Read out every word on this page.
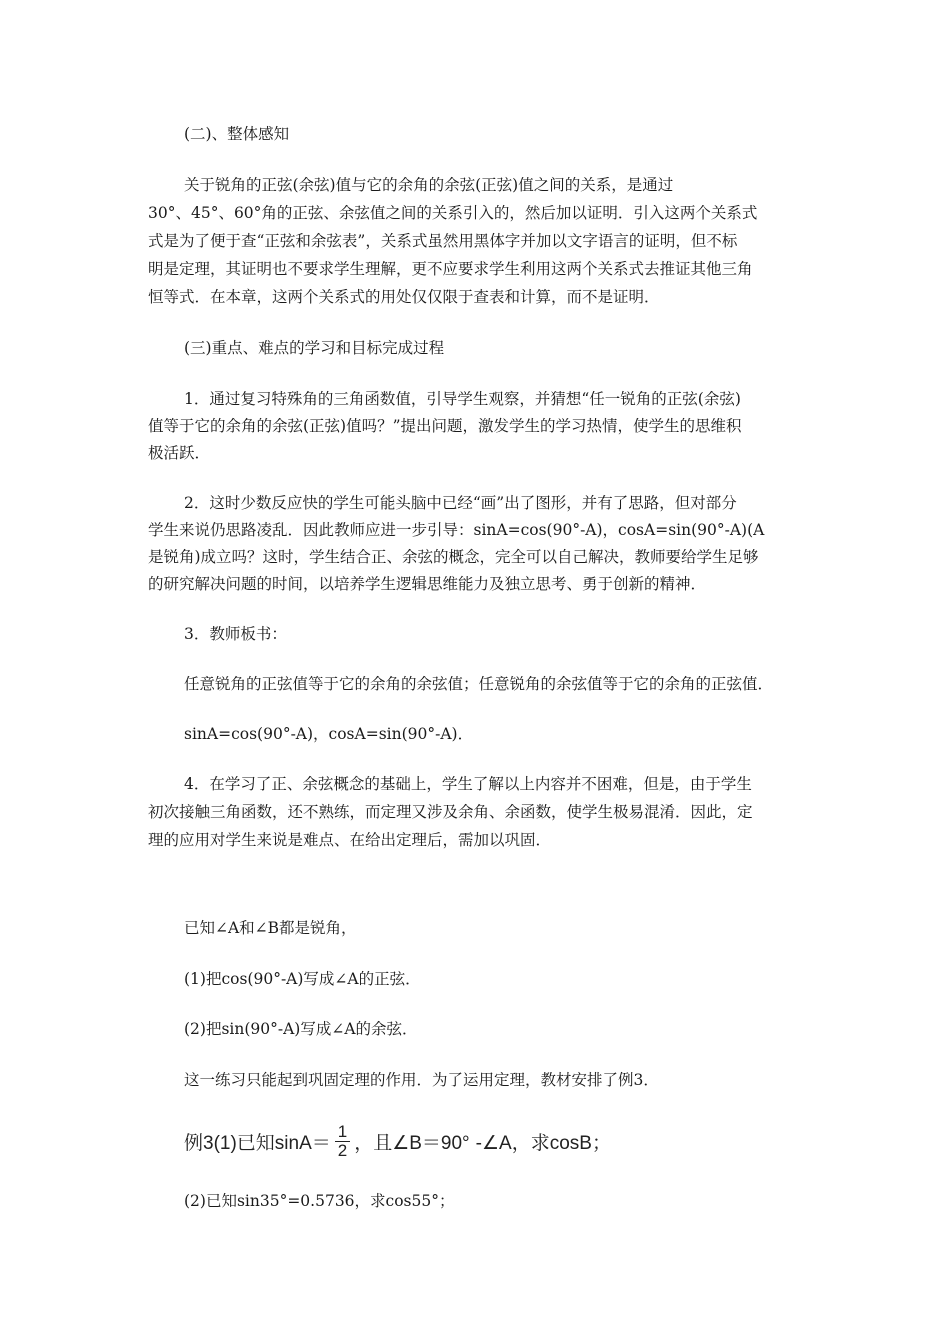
(二)、整体感知
关于锐角的正弦(余弦)值与它的余角的余弦(正弦)值之间的关系，是通过
30°、45°、60°角的正弦、余弦值之间的关系引入的，然后加以证明．引入这两个关系式
式是为了便于查“正弦和余弦表”，关系式虽然用黑体字并加以文字语言的证明，但不标
明是定理，其证明也不要求学生理解，更不应要求学生利用这两个关系式去推证其他三角
恒等式．在本章，这两个关系式的用处仅仅限于查表和计算，而不是证明．
(三)重点、难点的学习和目标完成过程
1．通过复习特殊角的三角函数值，引导学生观察，并猜想“任一锐角的正弦(余弦)
值等于它的余角的余弦(正弦)值吗？”提出问题，激发学生的学习热情，使学生的思维积
极活跃．
2．这时少数反应快的学生可能头脑中已经“画”出了图形，并有了思路，但对部分
学生来说仍思路凌乱．因此教师应进一步引导：sinA=cos(90°-A)，cosA=sin(90°-A)(A
是锐角)成立吗？这时，学生结合正、余弦的概念，完全可以自己解决，教师要给学生足够
的研究解决问题的时间，以培养学生逻辑思维能力及独立思考、勇于创新的精神．
3．教师板书：
任意锐角的正弦值等于它的余角的余弦值；任意锐角的余弦值等于它的余角的正弦值．
sinA=cos(90°-A)，cosA=sin(90°-A)．
4．在学习了正、余弦概念的基础上，学生了解以上内容并不困难，但是，由于学生
初次接触三角函数，还不熟练，而定理又涉及余角、余函数，使学生极易混淆．因此，定
理的应用对学生来说是难点、在给出定理后，需加以巩固．
已知∠A和∠B都是锐角，
(1)把cos(90°-A)写成∠A的正弦．
(2)把sin(90°-A)写成∠A的余弦．
这一练习只能起到巩固定理的作用．为了运用定理，教材安排了例3．
例3(1)已知$\sin A= \frac{1}{2}$ ，且∠B＝90° -∠A，求cosB；
(2)已知sin35°=0.5736，求cos55°；
